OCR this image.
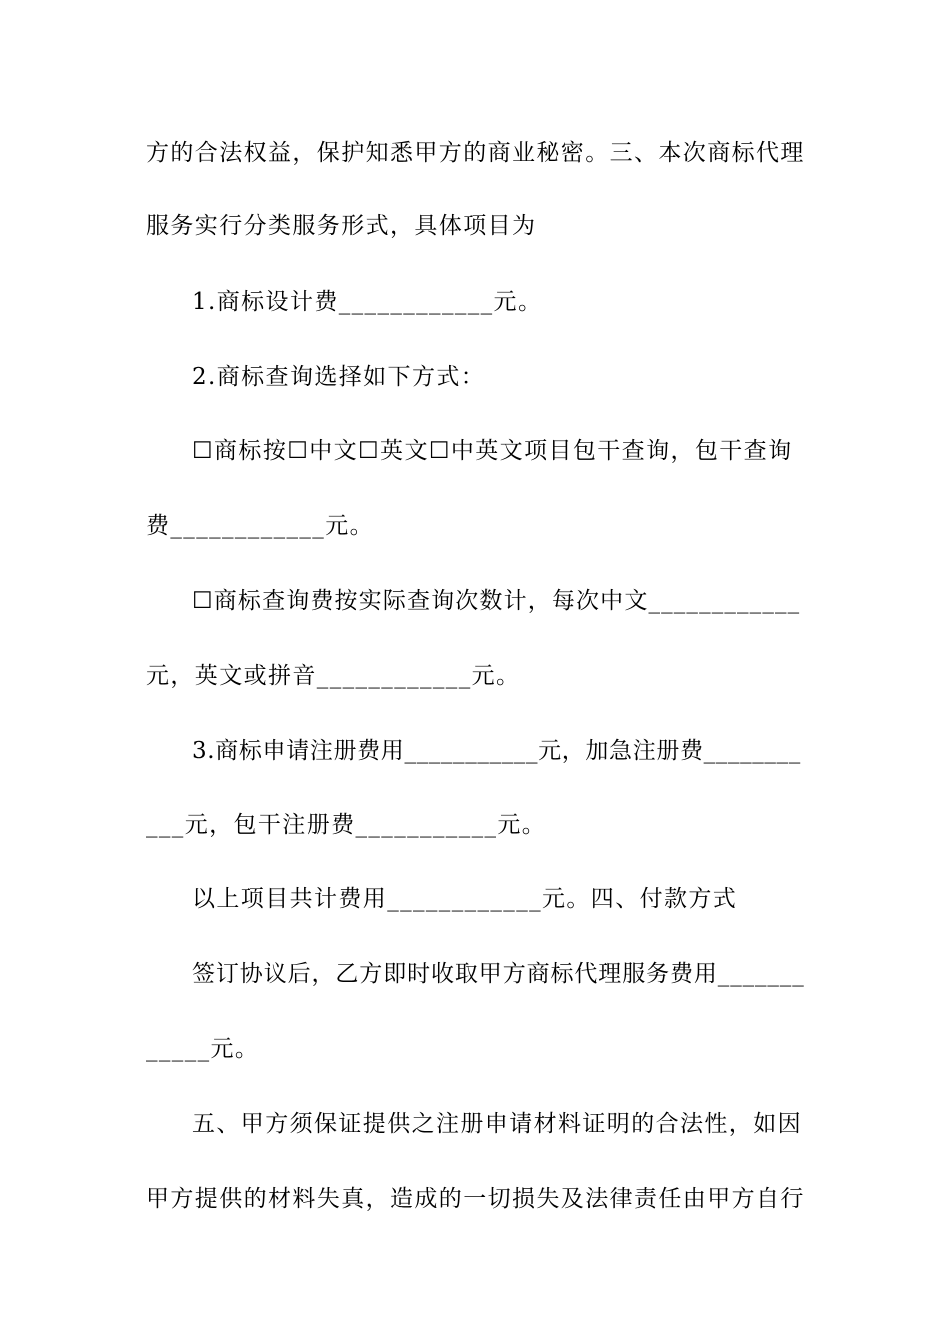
方的合法权益，保护知悉甲方的商业秘密。三、本次商标代理
服务实行分类服务形式，具体项目为
1.商标设计费____________元。
2.商标查询选择如下方式：
☐商标按☐中文☐英文☐中英文项目包干查询，包干查询
费____________元。
☐商标查询费按实际查询次数计，每次中文____________
元，英文或拼音____________元。
3.商标申请注册费用___________元，加急注册费________
___元，包干注册费___________元。
以上项目共计费用____________元。四、付款方式
签订协议后，乙方即时收取甲方商标代理服务费用_______
_____元。
五、甲方须保证提供之注册申请材料证明的合法性，如因
甲方提供的材料失真，造成的一切损失及法律责任由甲方自行
